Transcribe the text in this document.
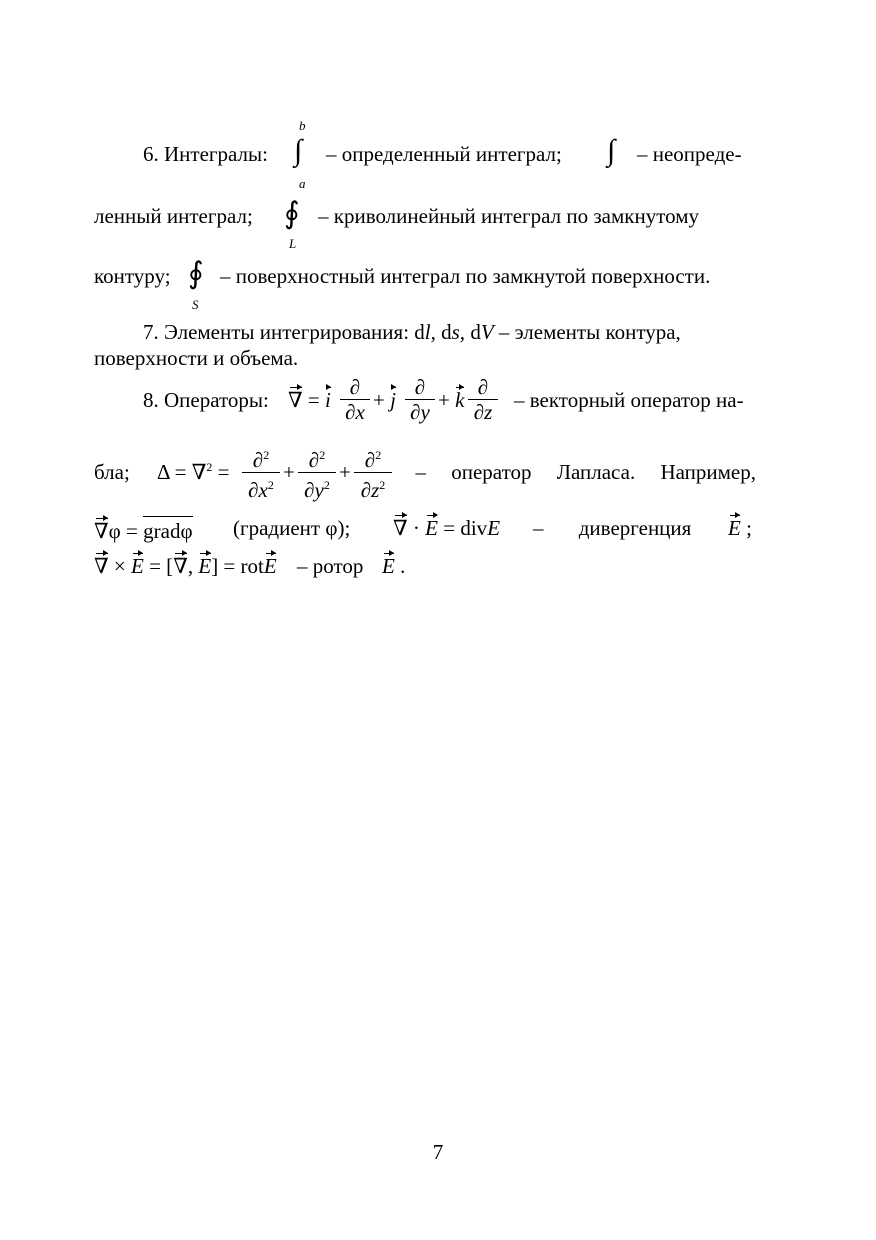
6. Интегралы:
b
∫
a
– определенный интеграл; ∫ – неопреде-
ленный интеграл; ∮
L
– криволинейный интеграл по замкнутому
контуру; ∮
S
– поверхностный интеграл по замкнутой поверхности.
7. Элементы интегрирования: dl, ds, dV – элементы контура,
поверхности и объема.
8. Операторы: ∇ = i
∂
∂x + j
∂
∂y + k
∂
∂z – векторный оператор на-
бла; Δ = ∇$^2$ =	∂$^2$
$\partial x^2$
+ ∂$^2$
$\partial y^2$
+ ∂$^2$
$\partial z^2$
– оператор Лапласа. Например,
∇φ = gradφ (градиент φ); ∇ · E = divE – дивергенция E ;
∇ × E = [∇, E] = rotE – ротор E .
7
